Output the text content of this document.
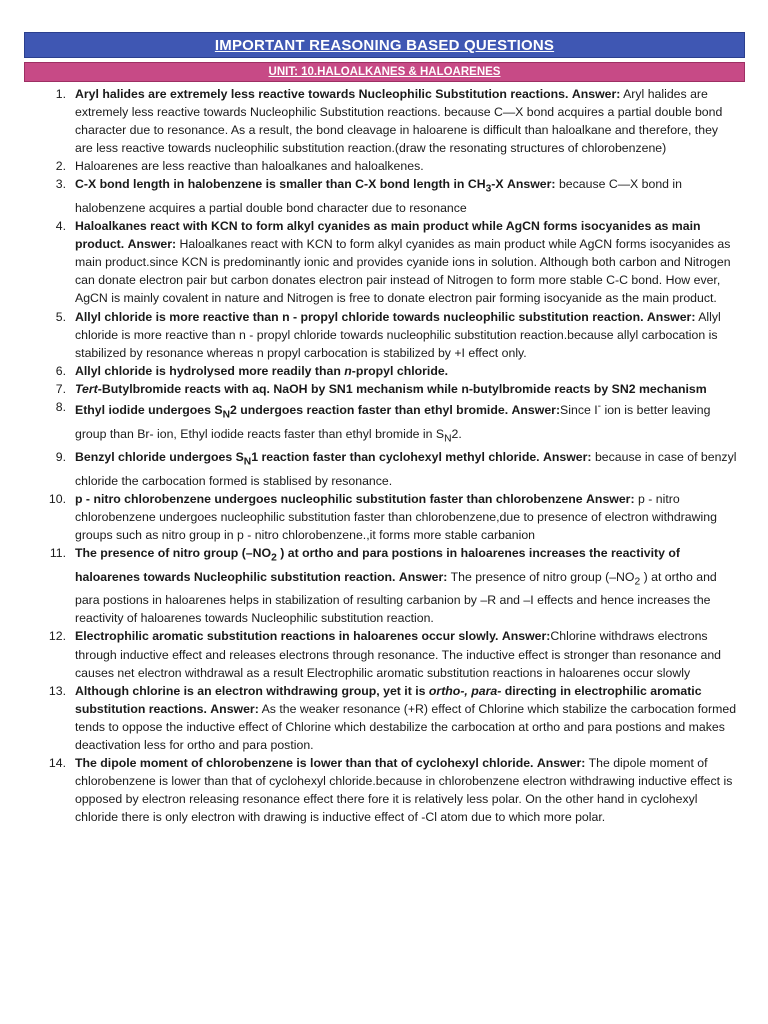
IMPORTANT REASONING BASED QUESTIONS
UNIT: 10.HALOALKANES & HALOARENES
1. Aryl halides are extremely less reactive towards Nucleophilic Substitution reactions. Answer: Aryl halides are extremely less reactive towards Nucleophilic Substitution reactions. because C—X bond acquires a partial double bond character due to resonance. As a result, the bond cleavage in haloarene is difficult than haloalkane and therefore, they are less reactive towards nucleophilic substitution reaction.(draw the resonating structures of chlorobenzene)
2. Haloarenes are less reactive than haloalkanes and haloalkenes.
3. C-X bond length in halobenzene is smaller than C-X bond length in $CH_3-X$ Answer: because C—X bond in halobenzene acquires a partial double bond character due to resonance
4. Haloalkanes react with KCN to form alkyl cyanides as main product while AgCN forms isocyanides as main product. Answer: Haloalkanes react with KCN to form alkyl cyanides as main product while AgCN forms isocyanides as main product.since KCN is predominantly ionic and provides cyanide ions in solution. Although both carbon and Nitrogen can donate electron pair but carbon donates electron pair instead of Nitrogen to form more stable C-C bond. How ever, AgCN is mainly covalent in nature and Nitrogen is free to donate electron pair forming isocyanide as the main product.
5. Allyl chloride is more reactive than n - propyl chloride towards nucleophilic substitution reaction. Answer: Allyl chloride is more reactive than n - propyl chloride towards nucleophilic substitution reaction.because allyl carbocation is stabilized by resonance whereas n propyl carbocation is stabilized by +I effect only.
6. Allyl chloride is hydrolysed more readily than n-propyl chloride.
7. Tert-Butylbromide reacts with aq. NaOH by SN1 mechanism while n-butylbromide reacts by SN2 mechanism
8. Ethyl iodide undergoes $S_N2$ undergoes reaction faster than ethyl bromide. Answer:Since I- ion is better leaving group than Br- ion, Ethyl iodide reacts faster than ethyl bromide in $S_N2$.
9. Benzyl chloride undergoes $S_N1$ reaction faster than cyclohexyl methyl chloride. Answer: because in case of benzyl chloride the carbocation formed is stablised by resonance.
10. p - nitro chlorobenzene undergoes nucleophilic substitution faster than chlorobenzene Answer: p - nitro chlorobenzene undergoes nucleophilic substitution faster than chlorobenzene,due to presence of electron withdrawing groups such as nitro group in p - nitro chlorobenzene.,it forms more stable carbanion
11. The presence of nitro group ($-NO_2$ ) at ortho and para postions in haloarenes increases the reactivity of haloarenes towards Nucleophilic substitution reaction. Answer: The presence of nitro group ($-NO_2$ ) at ortho and para postions in haloarenes helps in stabilization of resulting carbanion by –R and –I effects and hence increases the reactivity of haloarenes towards Nucleophilic substitution reaction.
12. Electrophilic aromatic substitution reactions in haloarenes occur slowly. Answer:Chlorine withdraws electrons through inductive effect and releases electrons through resonance. The inductive effect is stronger than resonance and causes net electron withdrawal as a result Electrophilic aromatic substitution reactions in haloarenes occur slowly
13. Although chlorine is an electron withdrawing group, yet it is ortho-, para- directing in electrophilic aromatic substitution reactions. Answer: As the weaker resonance (+R) effect of Chlorine which stabilize the carbocation formed tends to oppose the inductive effect of Chlorine which destabilize the carbocation at ortho and para postions and makes deactivation less for ortho and para postion.
14. The dipole moment of chlorobenzene is lower than that of cyclohexyl chloride. Answer: The dipole moment of chlorobenzene is lower than that of cyclohexyl chloride.because in chlorobenzene electron withdrawing inductive effect is opposed by electron releasing resonance effect there fore it is relatively less polar. On the other hand in cyclohexyl chloride there is only electron with drawing is inductive effect of -Cl atom due to which more polar.
